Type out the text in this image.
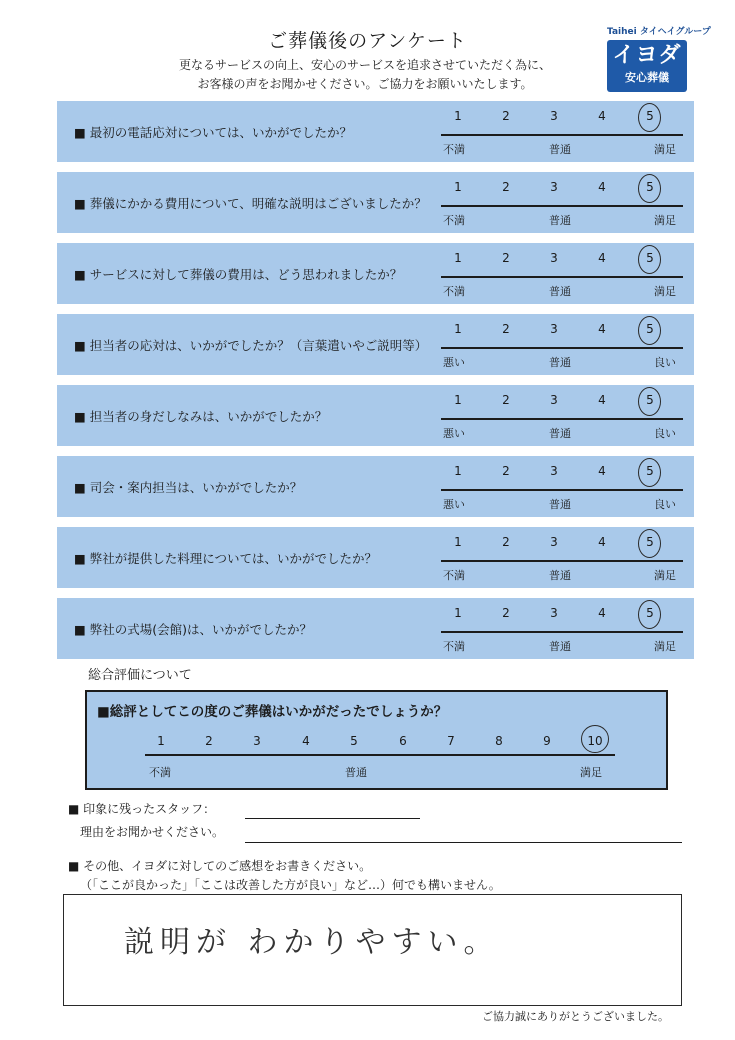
ご葬儀後のアンケート
更なるサービスの向上、安心のサービスを追求させていただく為に、
お客様の声をお聞かせください。ご協力をお願いいたします。
Taihei タイヘイグループ
イヨダ
安心葬儀
■ 最初の電話応対については、いかがでしたか？
1	2	3	4	5
不満	普通	満足
■ 葬儀にかかる費用について、明確な説明はございましたか？
1	2	3	4	5
不満	普通	満足
■ サービスに対して葬儀の費用は、どう思われましたか？
1	2	3	4	5
不満	普通	満足
■ 担当者の応対は、いかがでしたか？（言葉遣いやご説明等）
1	2	3	4	5
悪い	普通	良い
■ 担当者の身だしなみは、いかがでしたか？
1	2	3	4	5
悪い	普通	良い
■ 司会・案内担当は、いかがでしたか？
1	2	3	4	5
悪い	普通	良い
■ 弊社が提供した料理については、いかがでしたか？
1	2	3	4	5
不満	普通	満足
■ 弊社の式場(会館)は、いかがでしたか？
1	2	3	4	5
不満	普通	満足
総合評価について
■総評としてこの度のご葬儀はいかがだったでしょうか？
不満	普通	満足
1	2	3	4	5	6	7	8	9	10
■ 印象に残ったスタッフ：
理由をお聞かせください。
■ その他、イヨダに対してのご感想をお書きください。
（「ここが良かった」「ここは改善した方が良い」など…）何でも構いません。
説明が わかりやすい。
ご協力誠にありがとうございました。
